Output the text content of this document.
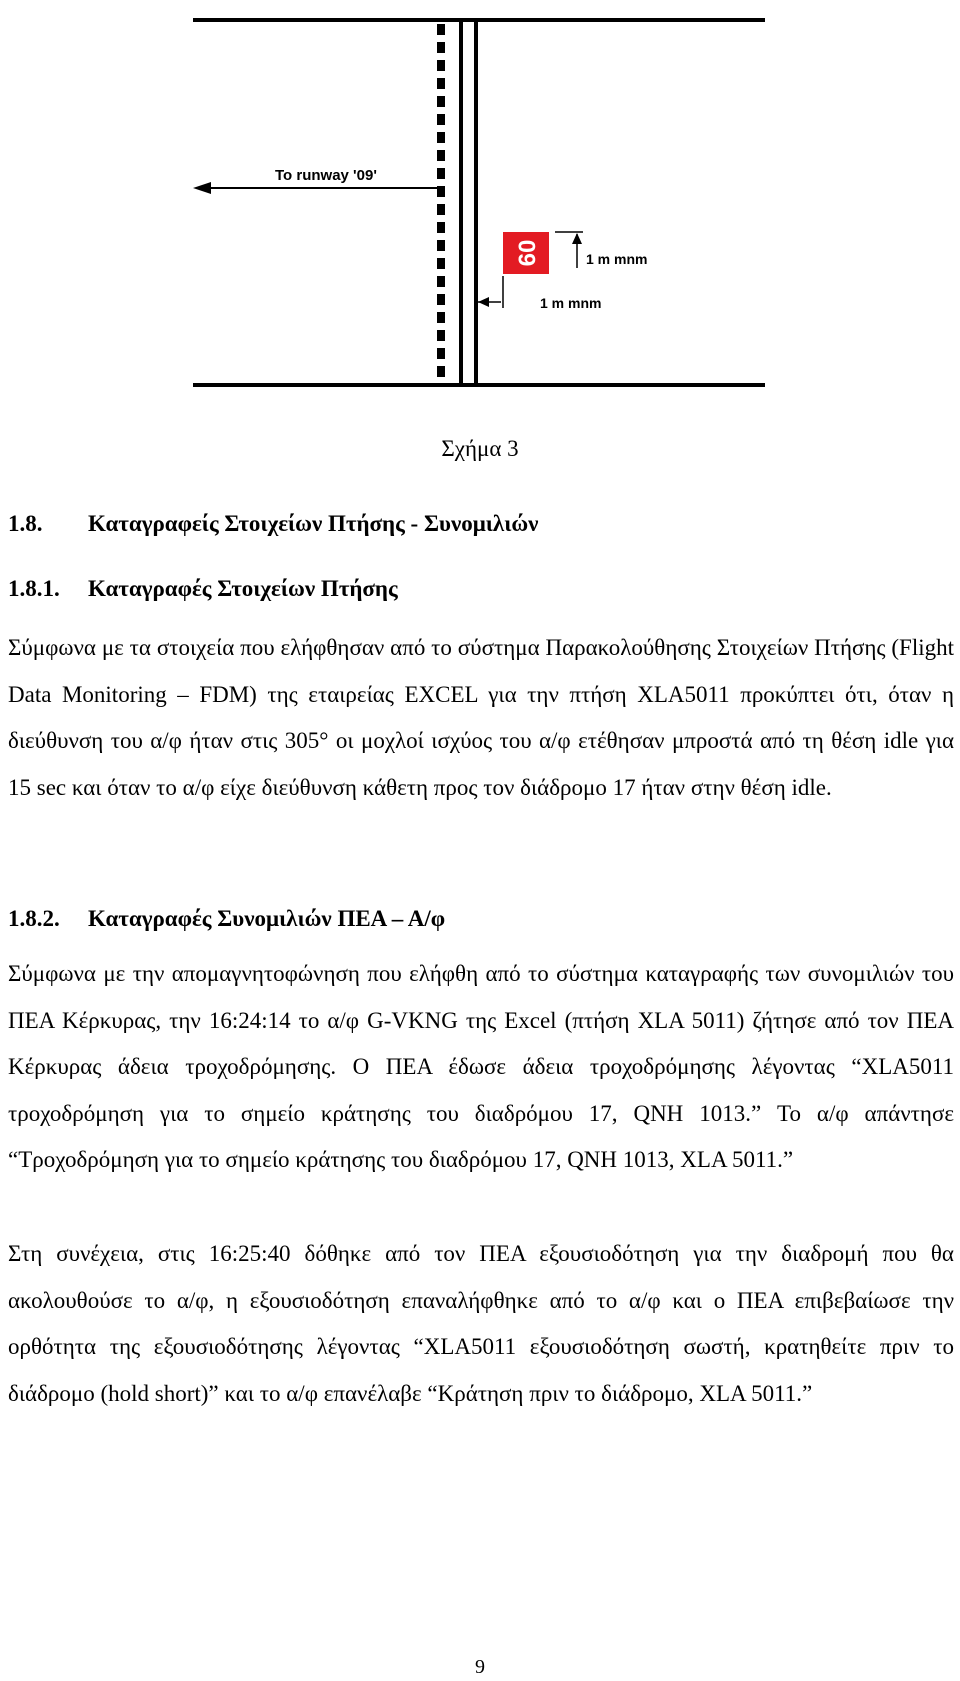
To runway '09'
09	1 m mnm
1 m mnm
Σχήμα 3
1.8. Καταγραφείς Στοιχείων Πτήσης - Συνομιλιών
1.8.1. Καταγραφές Στοιχείων Πτήσης
Σύμφωνα με τα στοιχεία που ελήφθησαν από το σύστημα Παρακολούθησης Στοιχείων Πτήσης (Flight Data Monitoring – FDM) της εταιρείας EXCEL για την πτήση XLA5011 προκύπτει ότι, όταν η διεύθυνση του α/φ ήταν στις 305° οι μοχλοί ισχύος του α/φ ετέθησαν μπροστά από τη θέση idle για 15 sec και όταν το α/φ είχε διεύθυνση κάθετη προς τον διάδρομο 17 ήταν στην θέση idle.
1.8.2. Καταγραφές Συνομιλιών ΠΕΑ – Α/φ
Σύμφωνα με την απομαγνητοφώνηση που ελήφθη από το σύστημα καταγραφής των συνομιλιών του ΠΕΑ Κέρκυρας, την 16:24:14 το α/φ G-VKNG της Excel (πτήση XLA 5011) ζήτησε από τον ΠΕΑ Κέρκυρας άδεια τροχοδρόμησης. Ο ΠΕΑ έδωσε άδεια τροχοδρόμησης λέγοντας “XLA5011 τροχοδρόμηση για το σημείο κράτησης του διαδρόμου 17, QNH 1013.” Το α/φ απάντησε “Τροχοδρόμηση για το σημείο κράτησης του διαδρόμου 17, QNH 1013, XLA 5011.”
Στη συνέχεια, στις 16:25:40 δόθηκε από τον ΠΕΑ εξουσιοδότηση για την διαδρομή που θα ακολουθούσε το α/φ, η εξουσιοδότηση επαναλήφθηκε από το α/φ και ο ΠΕΑ επιβεβαίωσε την ορθότητα της εξουσιοδότησης λέγοντας “XLA5011 εξουσιοδότηση σωστή, κρατηθείτε πριν το διάδρομο (hold short)” και το α/φ επανέλαβε “Κράτηση πριν το διάδρομο, XLA 5011.”
9
